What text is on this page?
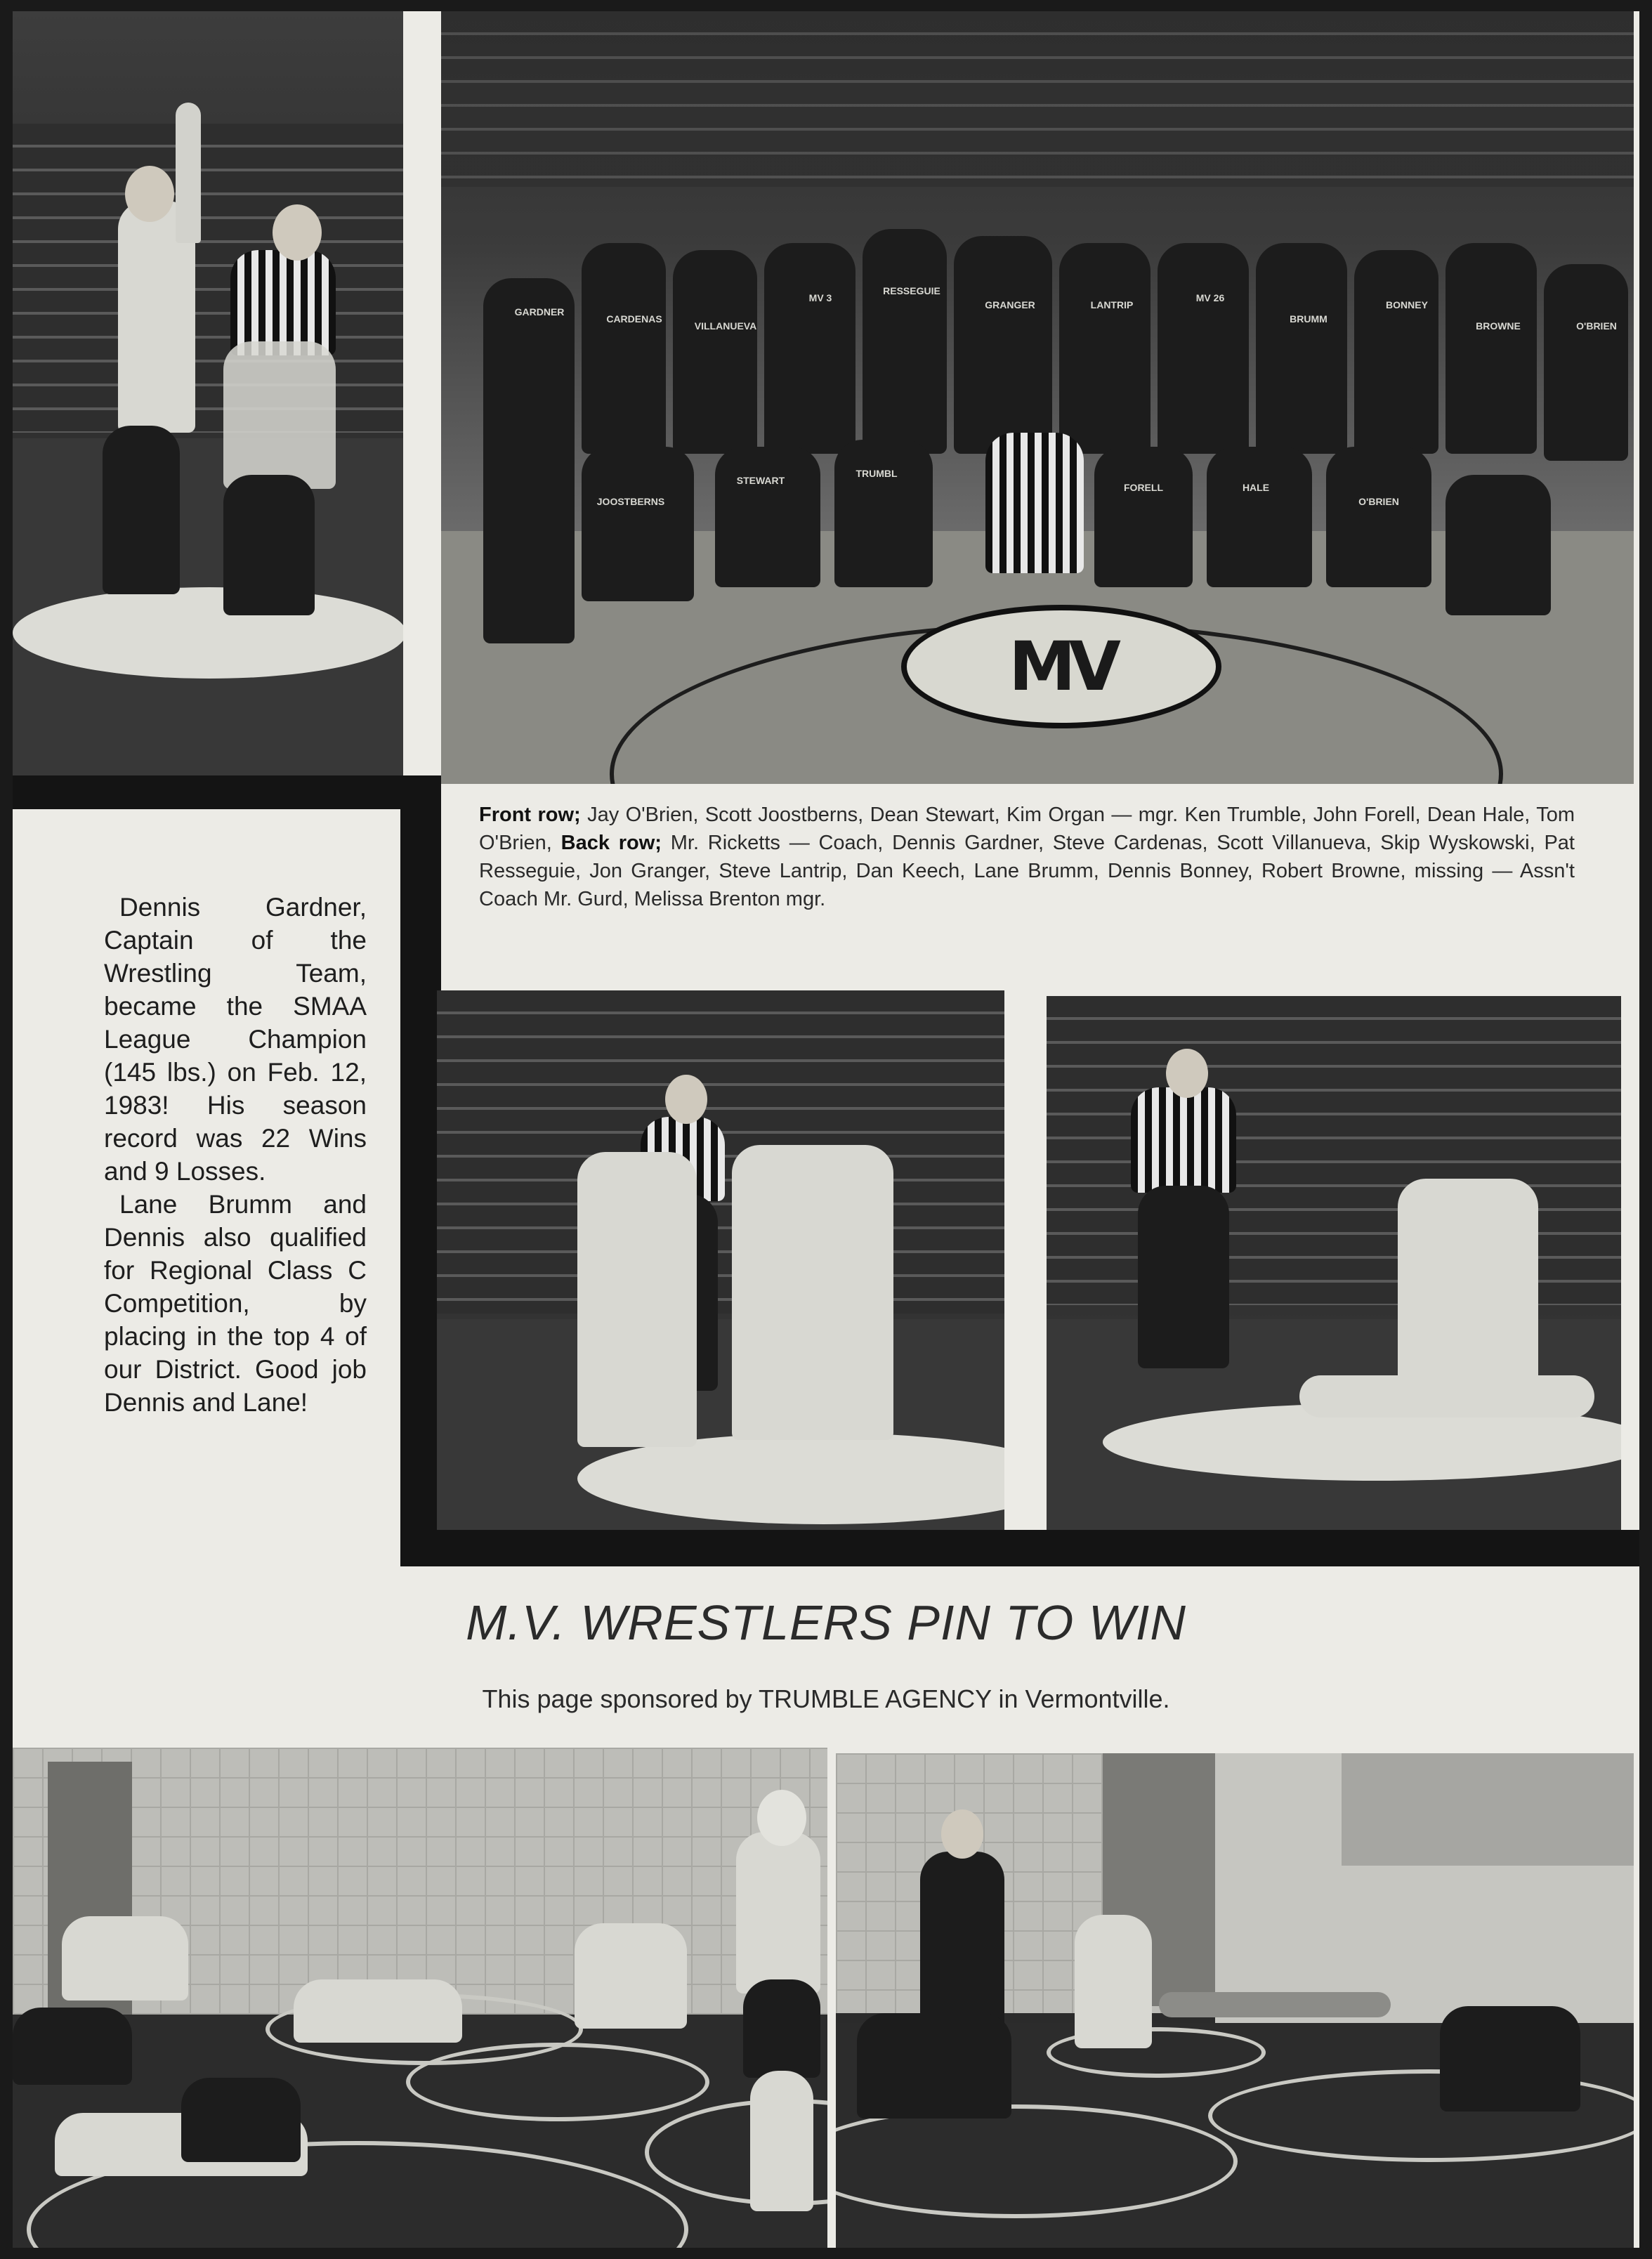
MV
GARDNER
CARDENAS
VILLANUEVA
MV 3
RESSEGUIE
GRANGER	LANTRIP
MV 26
BRUMM
BONNEY
BROWNE	O'BRIEN
JOOSTBERNS
STEWART
TRUMBL
FORELL	HALE
O'BRIEN
Front row; Jay O'Brien, Scott Joostberns, Dean Stewart, Kim Organ — mgr. Ken Trumble, John Forell, Dean Hale, Tom O'Brien, Back row; Mr. Ricketts — Coach, Dennis Gardner, Steve Cardenas, Scott Villanueva, Skip Wyskowski, Pat Resseguie, Jon Granger, Steve Lantrip, Dan Keech, Lane Brumm, Dennis Bonney, Robert Browne, missing — Assn't Coach Mr. Gurd, Melissa Brenton mgr.

Dennis Gardner, Captain of the Wrestling Team, became the SMAA League Champion (145 lbs.) on Feb. 12, 1983! His season record was 22 Wins and 9 Losses.

Lane Brumm and Dennis also qualified for Regional Class C Competition, by placing in the top 4 of our District. Good job Dennis and Lane!

M.V. WRESTLERS PIN TO WIN
This page sponsored by TRUMBLE AGENCY in Vermontville.
